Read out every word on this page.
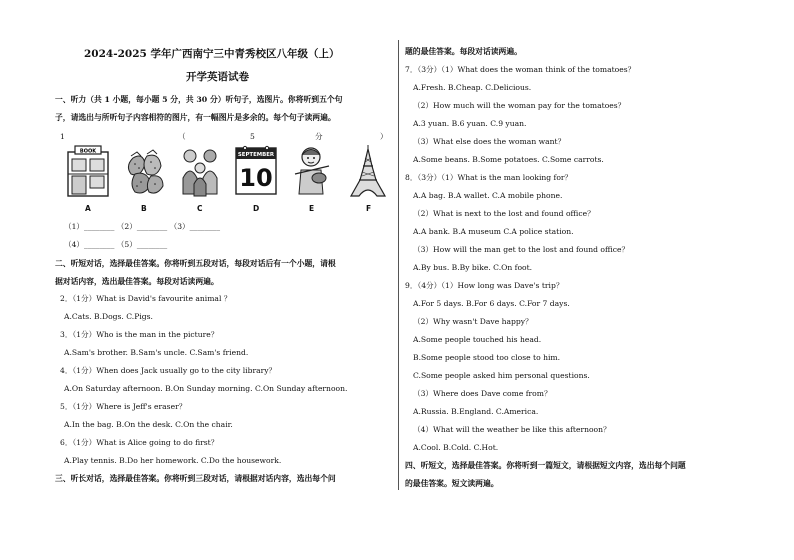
2024-2025 学年广西南宁三中青秀校区八年级（上）
开学英语试卷
一、听力（共 1 小题，每小题 5 分，共 30 分）听句子，选图片。你将听到五个句
子，请选出与所听句子内容相符的图片，有一幅图片是多余的。每个句子读两遍。
1	（	5	分	）
BOOK
SEPTEMBER
10
A	B	C	D	E	F
（1）________ （2）________ （3）________
（4）________ （5）________
二、听短对话，选择最佳答案。你将听到五段对话，每段对话后有一个小题，请根
据对话内容，选出最佳答案。每段对话读两遍。
2．（1分）What is David's favourite animal ？
A.Cats. B.Dogs. C.Pigs.
3．（1分）Who is the man in the picture？
A.Sam's brother. B.Sam's uncle. C.Sam's friend.
4．（1分）When does Jack usually go to the city library？
A.On Saturday afternoon. B.On Sunday morning. C.On Sunday afternoon.
5．（1分）Where is Jeff's eraser？
A.In the bag. B.On the desk. C.On the chair.
6．（1分）What is Alice going to do first？
A.Play tennis. B.Do her homework. C.Do the housework.
三、听长对话，选择最佳答案。你将听到三段对话，请根据对话内容，选出每个问
题的最佳答案。每段对话读两遍。
7．（3分）（1）What does the woman think of the tomatoes？
A.Fresh. B.Cheap. C.Delicious.
（2）How much will the woman pay for the tomatoes？
A.3 yuan. B.6 yuan. C.9 yuan.
（3）What else does the woman want？
A.Some beans. B.Some potatoes. C.Some carrots.
8．（3分）（1）What is the man looking for？
A.A bag. B.A wallet. C.A mobile phone.
（2）What is next to the lost and found office？
A.A bank. B.A museum C.A police station.
（3）How will the man get to the lost and found office？
A.By bus. B.By bike. C.On foot.
9．（4分）（1）How long was Dave's trip？
A.For 5 days. B.For 6 days. C.For 7 days.
（2）Why wasn't Dave happy？
A.Some people touched his head.
B.Some people stood too close to him.
C.Some people asked him personal questions.
（3）Where does Dave come from？
A.Russia. B.England. C.America.
（4）What will the weather be like this afternoon？
A.Cool. B.Cold. C.Hot.
四、听短文，选择最佳答案。你将听到一篇短文，请根据短文内容，选出每个问题
的最佳答案。短文读两遍。
